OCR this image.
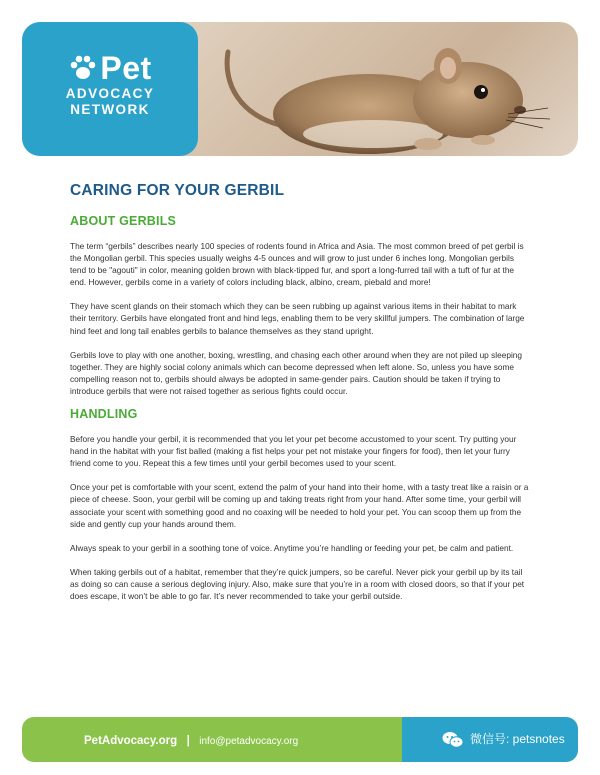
Pet
ADVOCACY
NETWORK
CARING FOR YOUR GERBIL
ABOUT GERBILS

The term “gerbils” describes nearly 100 species of rodents found in Africa and Asia. The most common breed of pet gerbil is the Mongolian gerbil. This species usually weighs 4-5 ounces and will grow to just under 6 inches long. Mongolian gerbils tend to be "agouti" in color, meaning golden brown with black-tipped fur, and sport a long-furred tail with a tuft of fur at the end. However, gerbils come in a variety of colors including black, albino, cream, piebald and more!

They have scent glands on their stomach which they can be seen rubbing up against various items in their habitat to mark their territory. Gerbils have elongated front and hind legs, enabling them to be very skillful jumpers. The combination of large hind feet and long tail enables gerbils to balance themselves as they stand upright.

Gerbils love to play with one another, boxing, wrestling, and chasing each other around when they are not piled up sleeping together. They are highly social colony animals which can become depressed when left alone. So, unless you have some compelling reason not to, gerbils should always be adopted in same-gender pairs. Caution should be taken if trying to introduce gerbils that were not raised together as serious fights could occur.

HANDLING

Before you handle your gerbil, it is recommended that you let your pet become accustomed to your scent. Try putting your hand in the habitat with your fist balled (making a fist helps your pet not mistake your fingers for food), then let your furry friend come to you. Repeat this a few times until your gerbil becomes used to your scent.

Once your pet is comfortable with your scent, extend the palm of your hand into their home, with a tasty treat like a raisin or a piece of cheese. Soon, your gerbil will be coming up and taking treats right from your hand. After some time, your gerbil will associate your scent with something good and no coaxing will be needed to hold your pet. You can scoop them up from the side and gently cup your hands around them.

Always speak to your gerbil in a soothing tone of voice. Anytime you’re handling or feeding your pet, be calm and patient.

When taking gerbils out of a habitat, remember that they’re quick jumpers, so be careful. Never pick your gerbil up by its tail as doing so can cause a serious degloving injury. Also, make sure that you’re in a room with closed doors, so that if your pet does escape, it won’t be able to go far. It’s never recommended to take your gerbil outside.

PetAdvocacy.org | info@petadvocacy.org	微信号: petsnotes
